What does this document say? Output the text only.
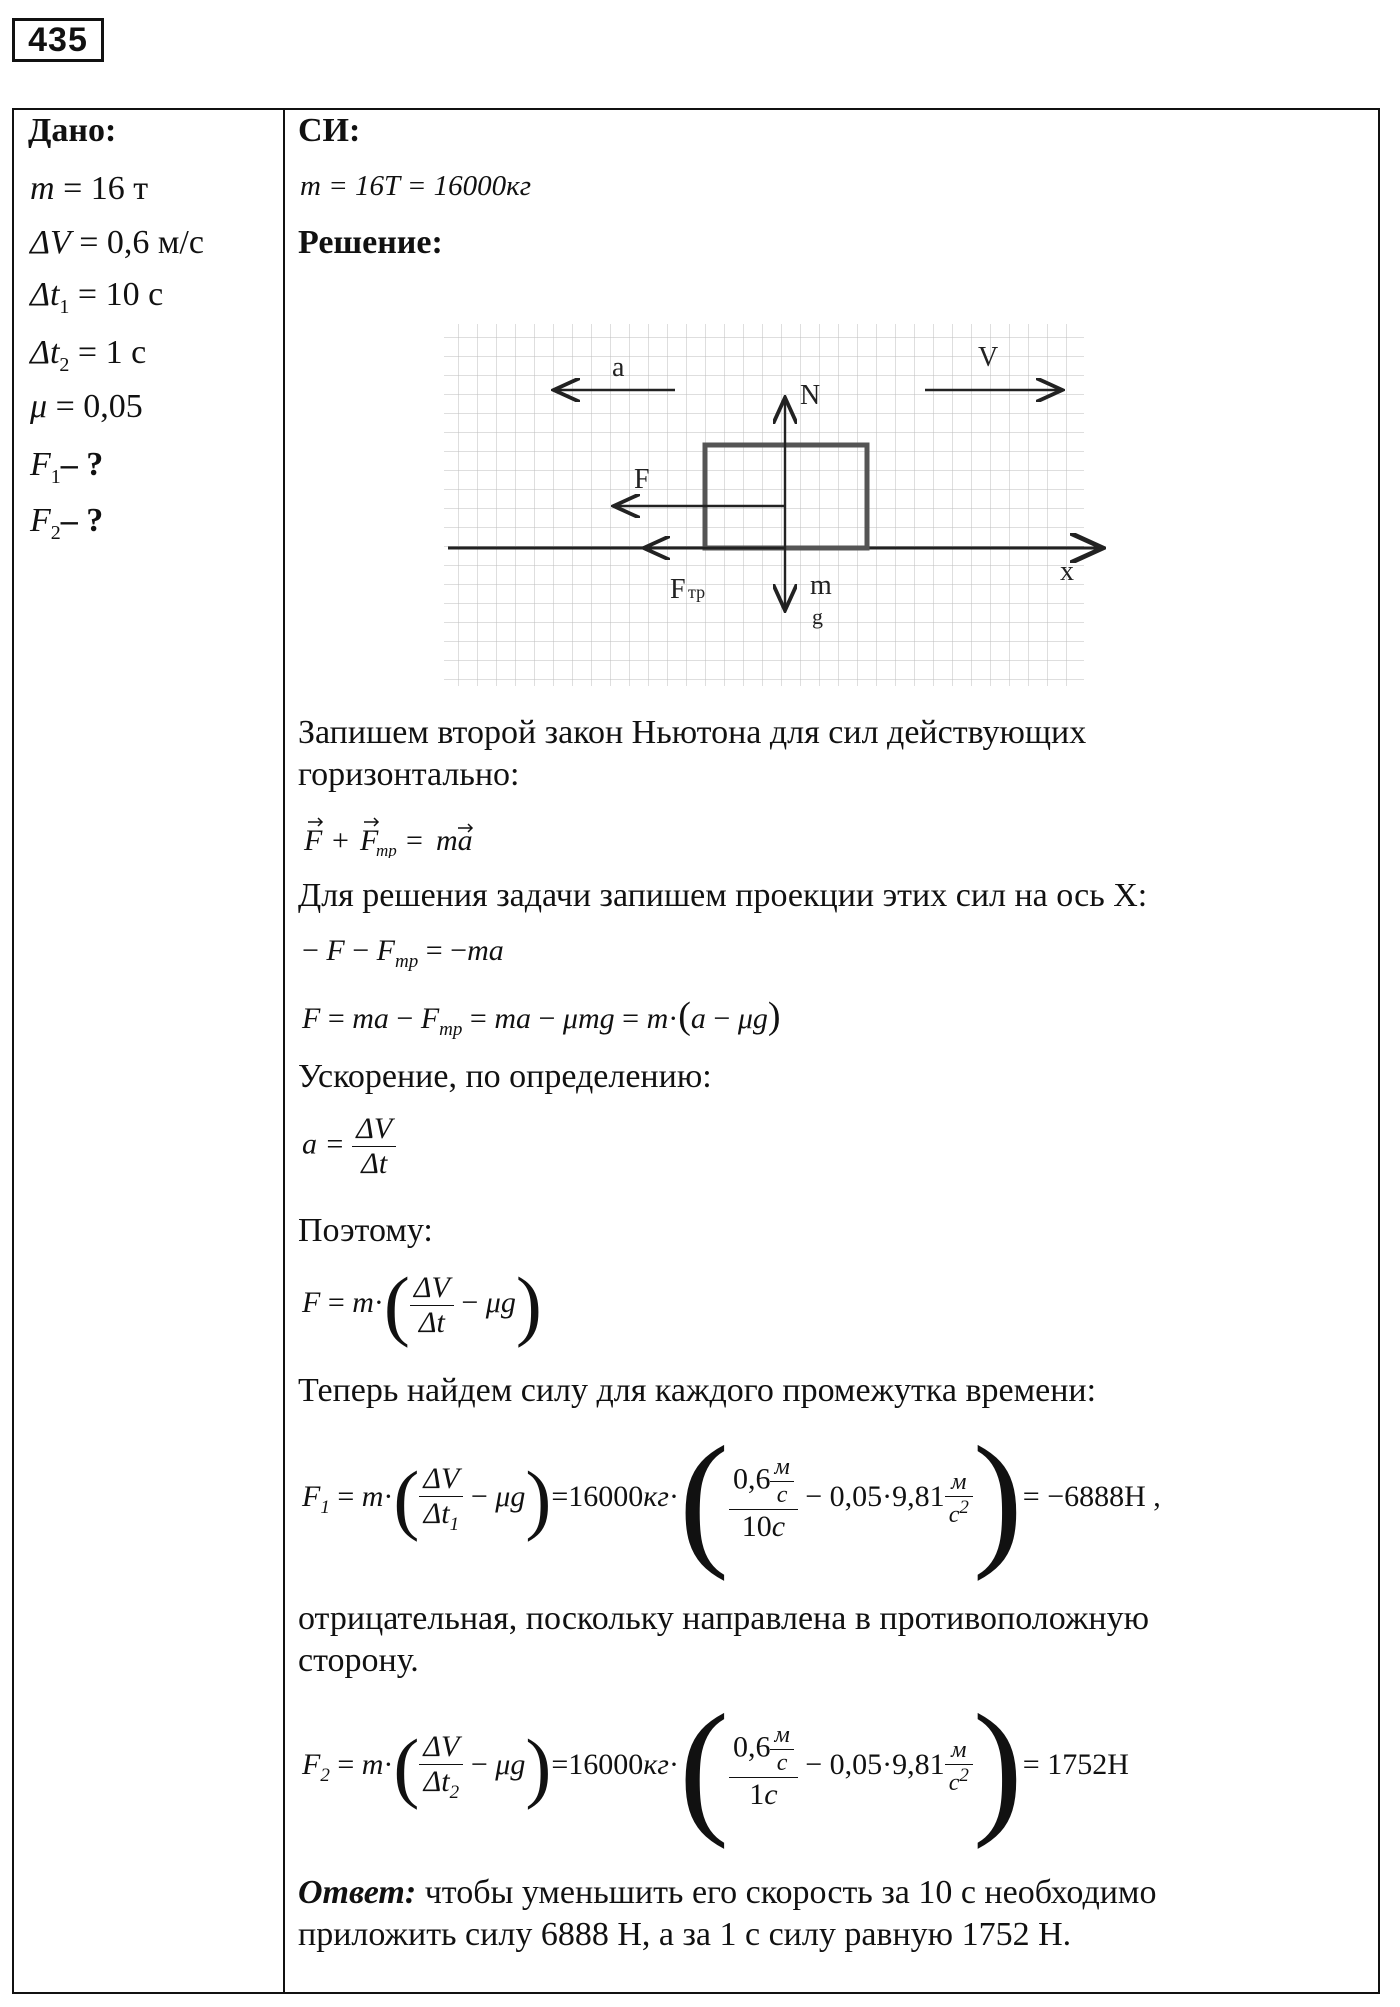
435
Дано:
m = 16 т
ΔV = 0,6 м/с
$\Delta t_1 = 10$ с
$\Delta t_2 = 1$ с
μ = 0,05
$F_1-$ ?
$F_2-$ ?
СИ:
m = 16T = 16000кг
Решение:
a	V
N
F
F тр
x
m
g
Запишем второй закон Ньютона для сил действующих
горизонтально:
F + F
тр = ma
Для решения задачи запишем проекции этих сил на ось X:
− $F - F_{тр} = -ma$
F = ma − $F_{тр}$ = ma − μmg = m·(a − μg)
Ускорение, по определению:
$a = \frac{\Delta V}{\Delta t}$
Поэтому:
$F = m\cdot( \frac{\Delta V}{\Delta t} - \mu g)$
Теперь найдем силу для каждого промежутка времени:
$F_1 = m\cdot( \frac{\Delta V}{\Delta t_1} - \mu g)=16000кг\cdot( \frac{0,6 \frac{м}{с}}{10с} - 0,05\cdot 9,81 \frac{м}{с^2}$ )= −6888H ,
отрицательная, поскольку направлена в противоположную
сторону.
$F_2 = m\cdot( \frac{\Delta V}{\Delta t_2} - \mu g)=16000кг\cdot( \frac{0,6 \frac{м}{с}}{1с} - 0,05\cdot 9,81 \frac{м}{с^2}$ )= 1752H
Ответ: чтобы уменьшить его скорость за 10 с необходимо
приложить силу 6888 Н, а за 1 с силу равную 1752 Н.
